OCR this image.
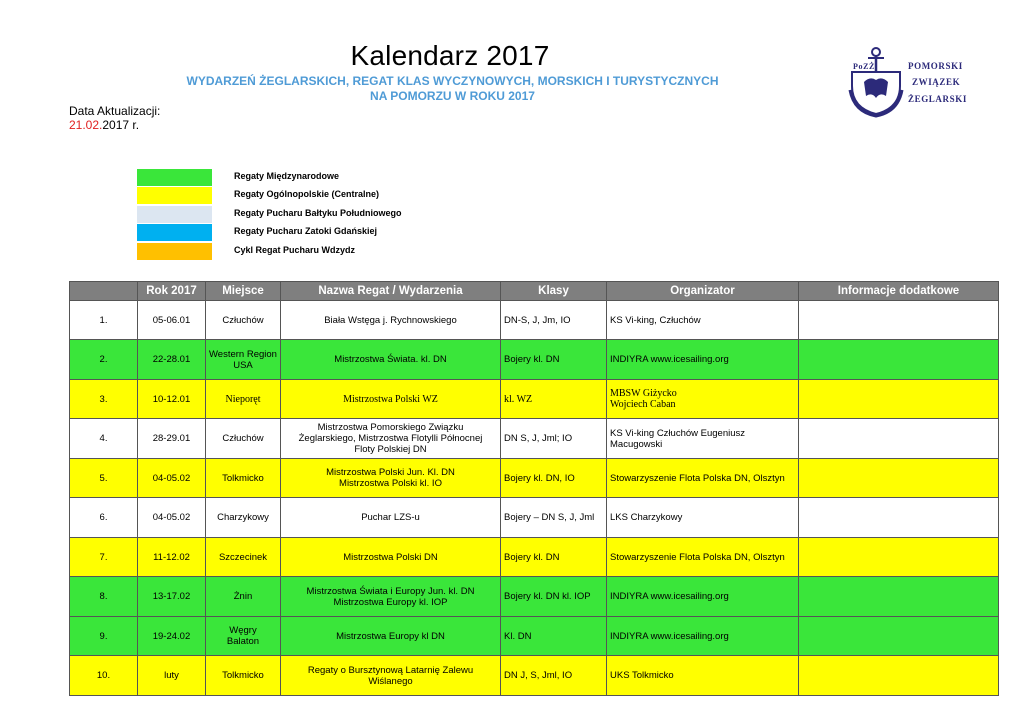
Kalendarz 2017
WYDARZEŃ ŻEGLARSKICH, REGAT KLAS WYCZYNOWYCH, MORSKICH I TURYSTYCZNYCH
NA POMORZU W ROKU 2017
Data Aktualizacji:
21.02.2017 r.
PoZŻ	POMORSKI
ZWIĄZEK
ŻEGLARSKI
Regaty Międzynarodowe
Regaty Ogólnopolskie (Centralne)
Regaty Pucharu Bałtyku Południowego
Regaty Pucharu Zatoki Gdańskiej
Cykl Regat Pucharu Wdzydz
	Rok 2017	Miejsce	Nazwa Regat / Wydarzenia	Klasy	Organizator	Informacje dodatkowe
1.	05-06.01	Człuchów	Biała Wstęga j. Rychnowskiego	DN-S, J, Jm, IO	KS Vi-king, Człuchów	
2.	22-28.01	Western Region
USA	Mistrzostwa Świata. kl. DN	Bojery kl. DN	INDIYRA www.icesailing.org	
3.	10-12.01	Nieporęt	Mistrzostwa Polski WZ	kl. WZ	MBSW Giżycko
Wojciech Caban	
4.	28-29.01	Człuchów	Mistrzostwa Pomorskiego Związku
Żeglarskiego, Mistrzostwa Flotylli Północnej
Floty Polskiej DN	DN S, J, Jml; IO	KS Vi-king Człuchów Eugeniusz
Macugowski	
5.	04-05.02	Tolkmicko	Mistrzostwa Polski Jun. Kl. DN
Mistrzostwa Polski kl. IO	Bojery kl. DN, IO	Stowarzyszenie Flota Polska DN, Olsztyn	
6.	04-05.02	Charzykowy	Puchar LZS-u	Bojery – DN S, J, Jml	LKS Charzykowy	
7.	11-12.02	Szczecinek	Mistrzostwa Polski DN	Bojery kl. DN	Stowarzyszenie Flota Polska DN, Olsztyn	
8.	13-17.02	Żnin	Mistrzostwa Świata i Europy Jun. kl. DN
Mistrzostwa Europy kl. IOP	Bojery kl. DN kl. IOP	INDIYRA www.icesailing.org	
9.	19-24.02	Węgry
Balaton	Mistrzostwa Europy kl DN	Kl. DN	INDIYRA www.icesailing.org	
10.	luty	Tolkmicko	Regaty o Bursztynową Latarnię Zalewu
Wiślanego	DN J, S, Jml, IO	UKS Tolkmicko	
